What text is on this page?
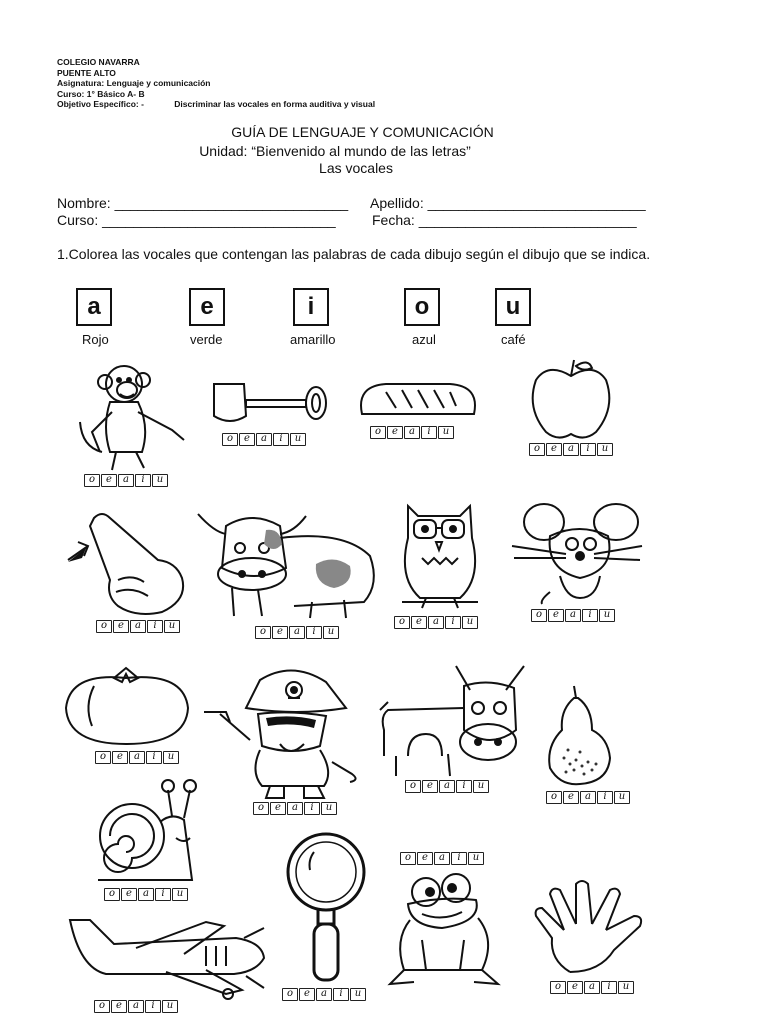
COLEGIO NAVARRA
PUENTE ALTO
Asignatura: Lenguaje y comunicación
Curso: 1° Básico A- B
Objetivo Específico: -	Discriminar las vocales en forma auditiva y visual
GUÍA DE LENGUAJE Y COMUNICACIÓN
Unidad: “Bienvenido al mundo de las letras”
Las vocales
Nombre: ______________________________ Apellido: ____________________________
Curso: ______________________________	Fecha: ____________________________
1.Colorea las vocales que contengan las palabras de cada dibujo según el dibujo que se indica.
a
Rojo
e
verde
i
amarillo
o
azul
u
café
o	e	a	i	u
o	e	a	i	u
o	e	a	i	u
o	e	a	i	u
o	e	a	i	u
o	e	a	i	u
o	e	a	i	u
o	e	a	i	u
o	e	a	i	u
o	e	a	i	u
o	e	a	i	u
o	e	a	i	u
o	e	a	i	u
o	e	a	i	u
o	e	a	i	u
o	e	a	i	u
o	e	a	i	u
